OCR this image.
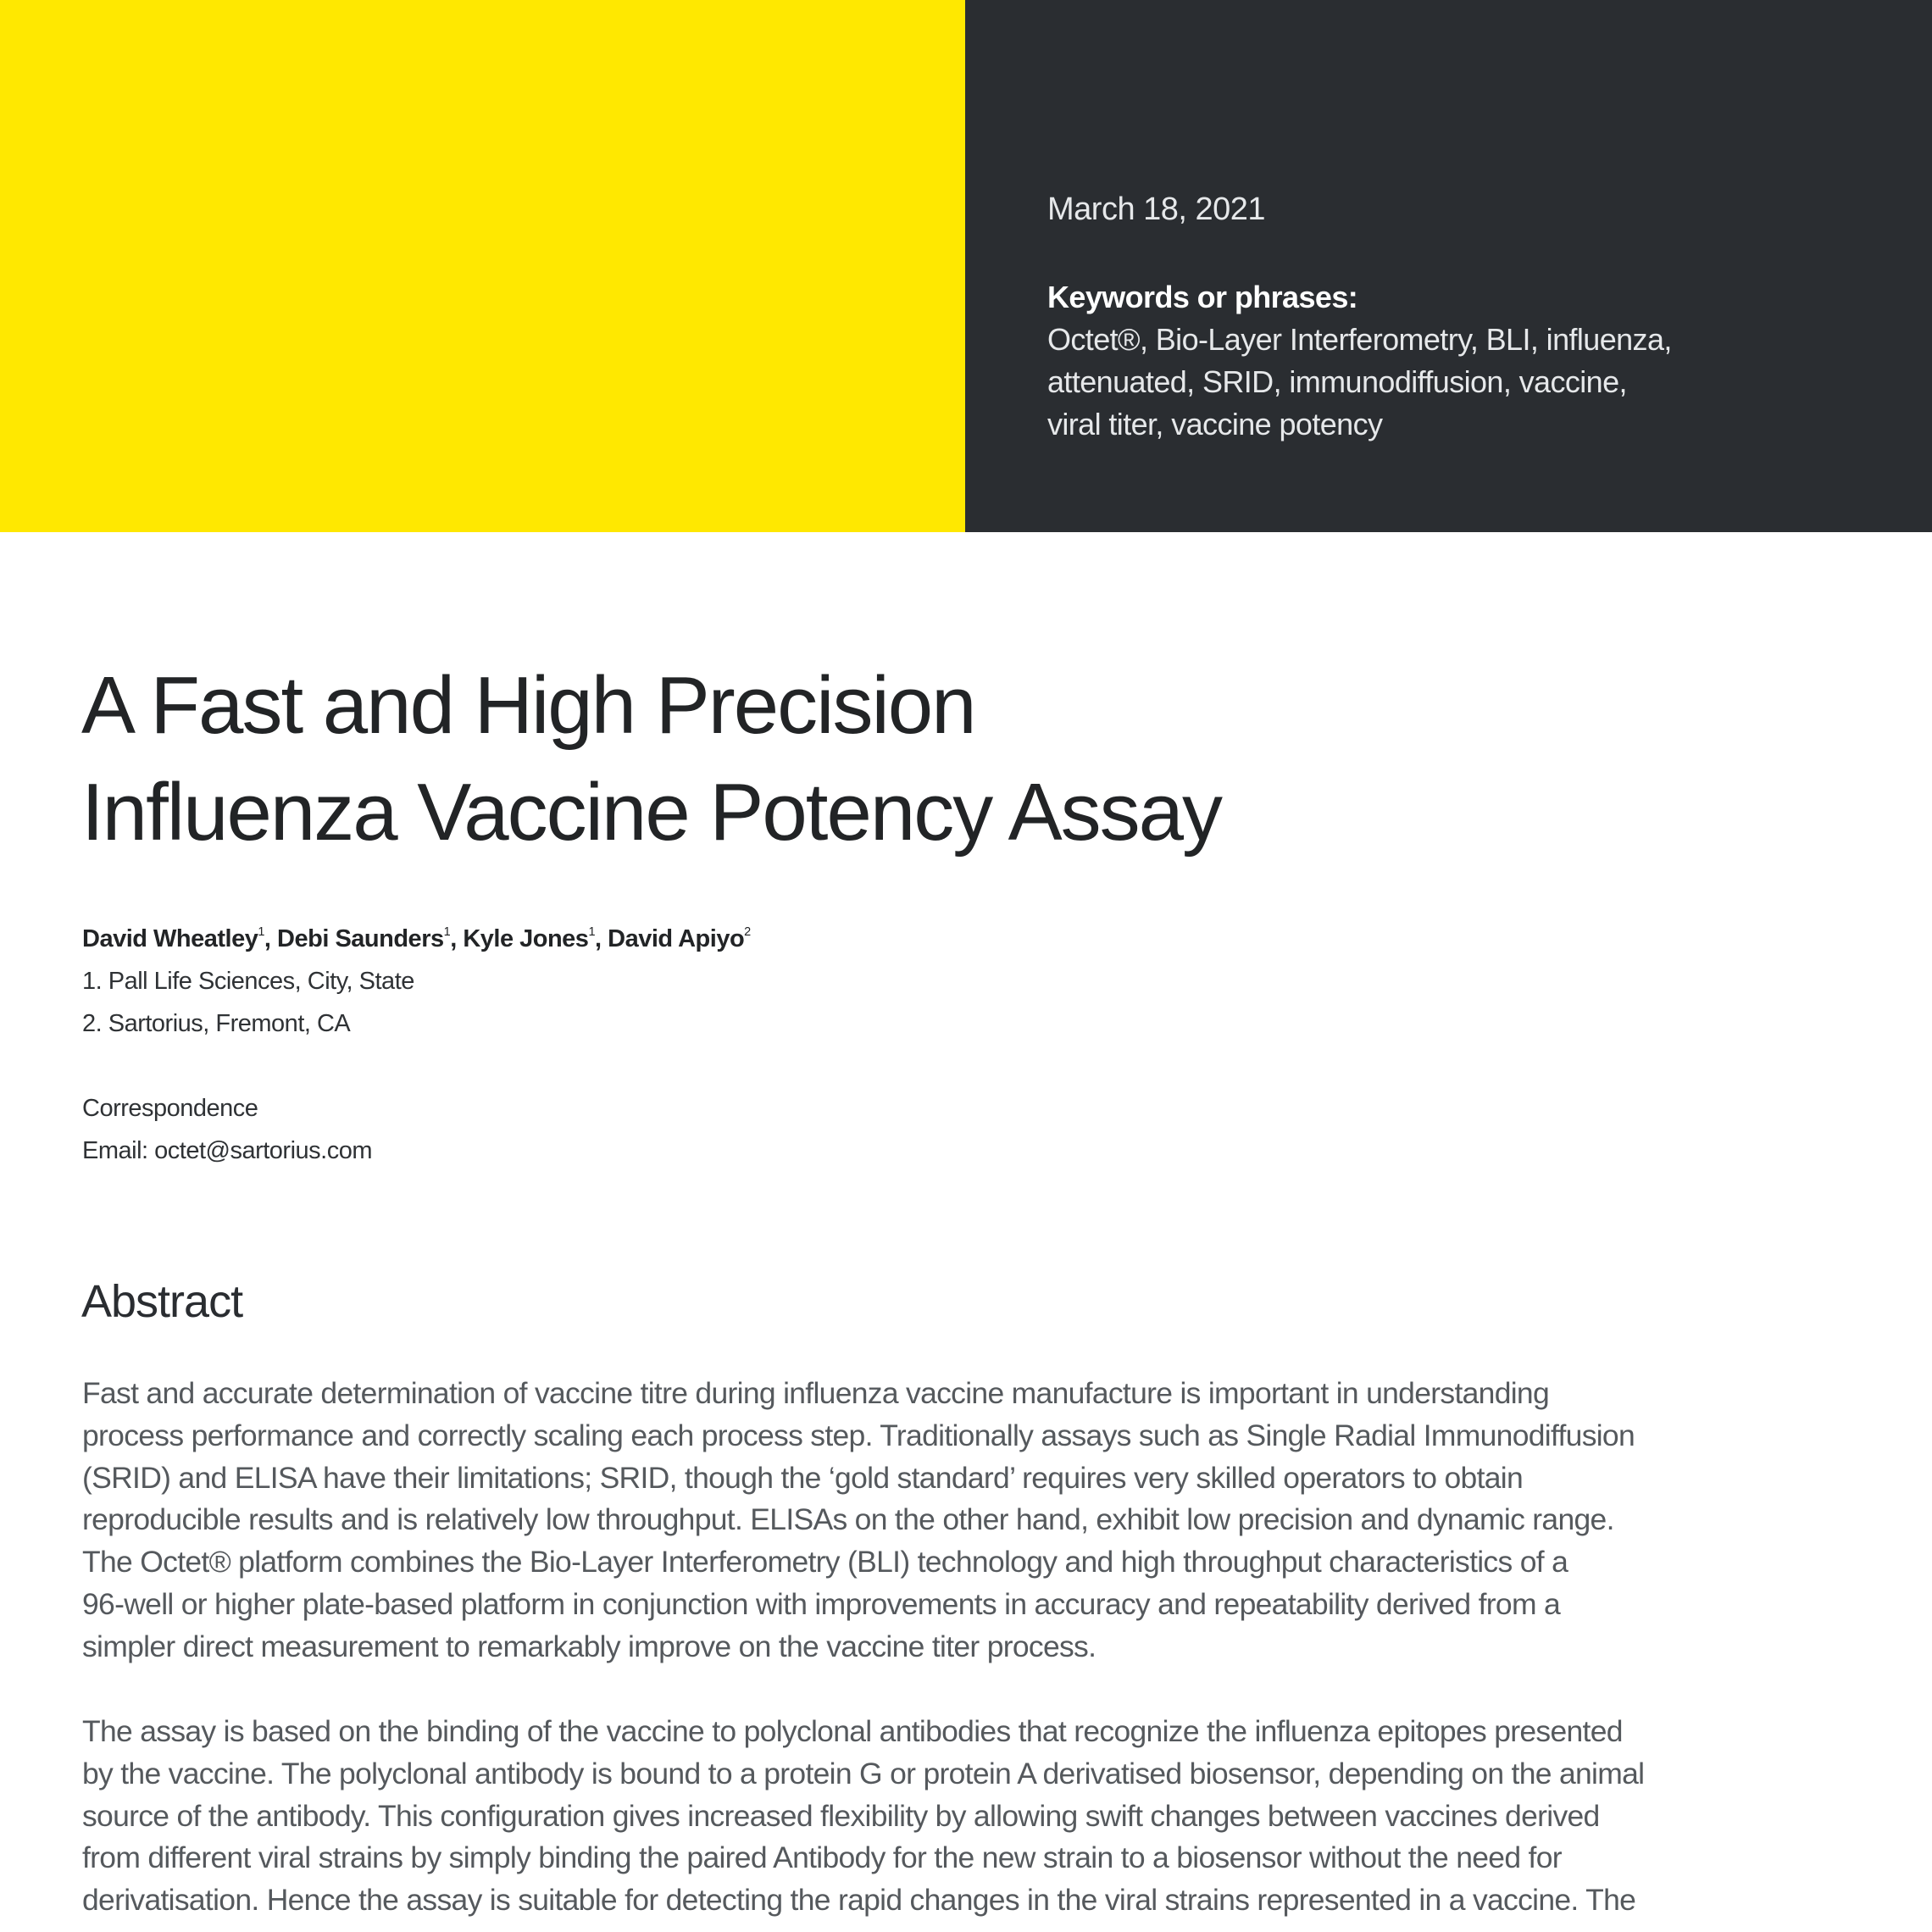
March 18, 2021
Keywords or phrases:
Octet®, Bio-Layer Interferometry, BLI, influenza,
attenuated, SRID, immunodiffusion, vaccine,
viral titer, vaccine potency
A Fast and High Precision
Influenza Vaccine Potency Assay
David Wheatley$^1$, Debi Saunders$^1$, Kyle Jones$^1$, David Apiyo$^2$
1. Pall Life Sciences, City, State
2. Sartorius, Fremont, CA
Correspondence
Email: octet@sartorius.com
Abstract

Fast and accurate determination of vaccine titre during influenza vaccine manufacture is important in understanding
process performance and correctly scaling each process step. Traditionally assays such as Single Radial Immunodiffusion
(SRID) and ELISA have their limitations; SRID, though the ‘gold standard’ requires very skilled operators to obtain
reproducible results and is relatively low throughput. ELISAs on the other hand, exhibit low precision and dynamic range.
The Octet® platform combines the Bio-Layer Interferometry (BLI) technology and high throughput characteristics of a
96-well or higher plate-based platform in conjunction with improvements in accuracy and repeatability derived from a
simpler direct measurement to remarkably improve on the vaccine titer process.

The assay is based on the binding of the vaccine to polyclonal antibodies that recognize the influenza epitopes presented
by the vaccine. The polyclonal antibody is bound to a protein G or protein A derivatised biosensor, depending on the animal
source of the antibody. This configuration gives increased flexibility by allowing swift changes between vaccines derived
from different viral strains by simply binding the paired Antibody for the new strain to a biosensor without the need for
derivatisation. Hence the assay is suitable for detecting the rapid changes in the viral strains represented in a vaccine. The
